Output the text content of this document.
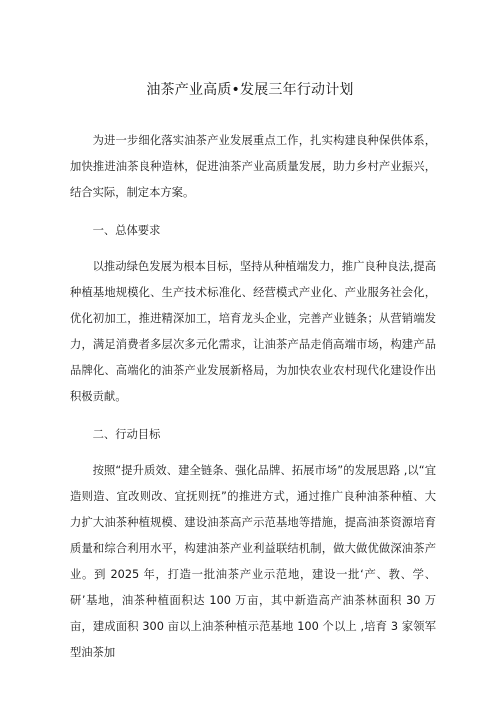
油茶产业高质•发展三年行动计划

为进一步细化落实油茶产业发展重点工作，扎实构建良种保供体系，加快推进油茶良种造林，促进油茶产业高质量发展，助力乡村产业振兴，结合实际，制定本方案。

一、总体要求

以推动绿色发展为根本目标，坚持从种植端发力，推广良种良法,提高种植基地规模化、生产技术标准化、经营模式产业化、产业服务社会化，优化初加工，推进精深加工，培育龙头企业，完善产业链条；从营销端发力，满足消费者多层次多元化需求，让油茶产品走俏高端市场，构建产品品牌化、高端化的油茶产业发展新格局，为加快农业农村现代化建设作出积极贡献。

二、行动目标

按照“提升质效、建全链条、强化品牌、拓展市场”的发展思路 ,以“宜造则造、宜改则改、宜抚则抚”的推进方式，通过推广良种油茶种植、大力扩大油茶种植规模、建设油茶高产示范基地等措施，提高油茶资源培育质量和综合利用水平，构建油茶产业利益联结机制，做大做优做深油茶产业。到 2025 年，打造一批油茶产业示范地，建设一批‘产、教、学、研’基地，油茶种植面积达 100 万亩，其中新造高产油茶林面积 30 万亩，建成面积 300 亩以上油茶种植示范基地 100 个以上 ,培育 3 家领军型油茶加
